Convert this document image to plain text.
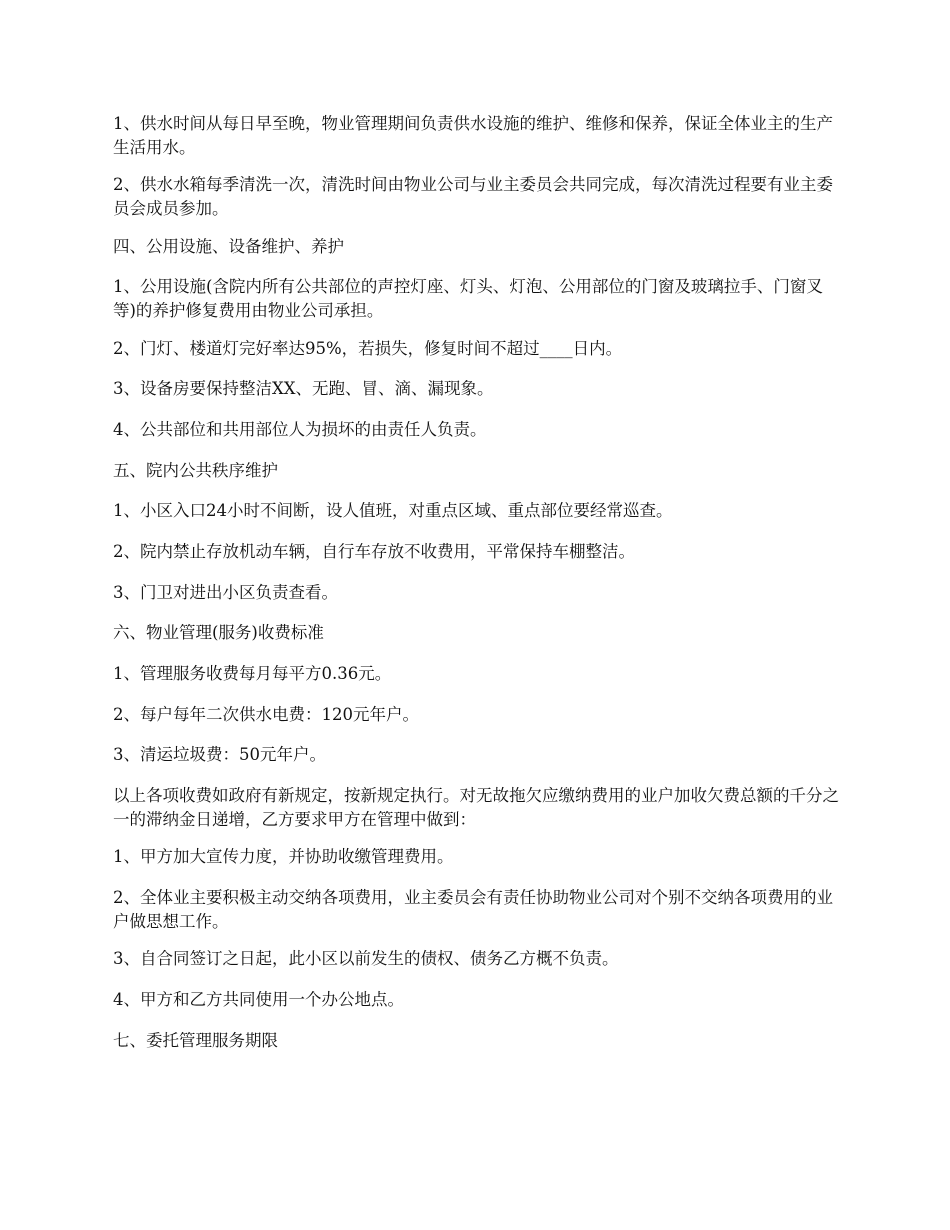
1、供水时间从每日早至晚，物业管理期间负责供水设施的维护、维修和保养，保证全体业主的生产生活用水。

2、供水水箱每季清洗一次，清洗时间由物业公司与业主委员会共同完成，每次清洗过程要有业主委员会成员参加。

四、公用设施、设备维护、养护

1、公用设施(含院内所有公共部位的声控灯座、灯头、灯泡、公用部位的门窗及玻璃拉手、门窗叉等)的养护修复费用由物业公司承担。

2、门灯、楼道灯完好率达95%，若损失，修复时间不超过____日内。

3、设备房要保持整洁XX、无跑、冒、滴、漏现象。

4、公共部位和共用部位人为损坏的由责任人负责。

五、院内公共秩序维护

1、小区入口24小时不间断，设人值班，对重点区域、重点部位要经常巡查。

2、院内禁止存放机动车辆，自行车存放不收费用，平常保持车棚整洁。

3、门卫对进出小区负责查看。

六、物业管理(服务)收费标准

1、管理服务收费每月每平方0.36元。

2、每户每年二次供水电费：120元年户。

3、清运垃圾费：50元年户。

以上各项收费如政府有新规定，按新规定执行。对无故拖欠应缴纳费用的业户加收欠费总额的千分之一的滞纳金日递增，乙方要求甲方在管理中做到：

1、甲方加大宣传力度，并协助收缴管理费用。

2、全体业主要积极主动交纳各项费用，业主委员会有责任协助物业公司对个别不交纳各项费用的业户做思想工作。

3、自合同签订之日起，此小区以前发生的债权、债务乙方概不负责。

4、甲方和乙方共同使用一个办公地点。

七、委托管理服务期限
